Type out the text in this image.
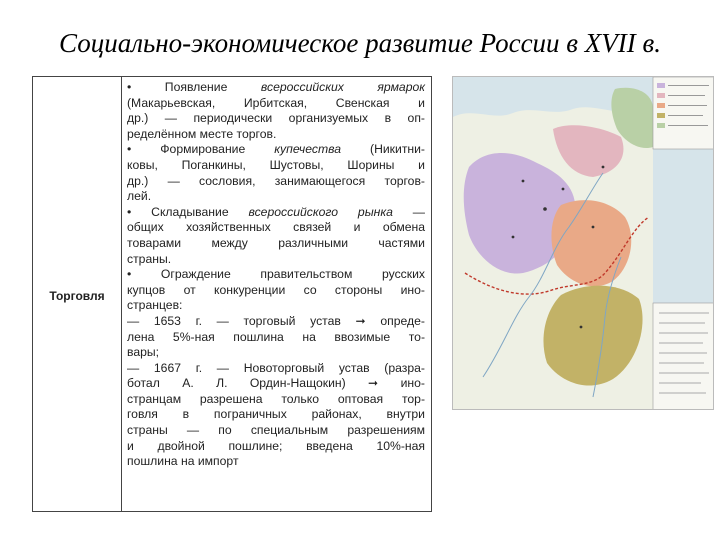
Социально-экономическое развитие России в XVII в.
Торговля
• Появление всероссийских ярмарок
(Макарьевская, Ирбитская, Свенская и
др.) — периодически организуемых в оп-
ределённом месте торгов.
• Формирование купечества (Никитни-
ковы, Поганкины, Шустовы, Шорины и
др.) — сословия, занимающегося торгов-
лей.
• Складывание всероссийского рынка —
общих хозяйственных связей и обмена
товарами между различными частями
страны.
• Ограждение правительством русских
купцов от конкуренции со стороны ино-
странцев:
— 1653 г. — торговый устав ➞ опреде-
лена 5%-ная пошлина на ввозимые то-
вары;
— 1667 г. — Новоторговый устав (разра-
ботал А. Л. Ордин-Нащокин) ➞ ино-
странцам разрешена только оптовая тор-
говля в пограничных районах, внутри
страны — по специальным разрешениям
и двойной пошлине; введена 10%-ная
пошлина на импорт
